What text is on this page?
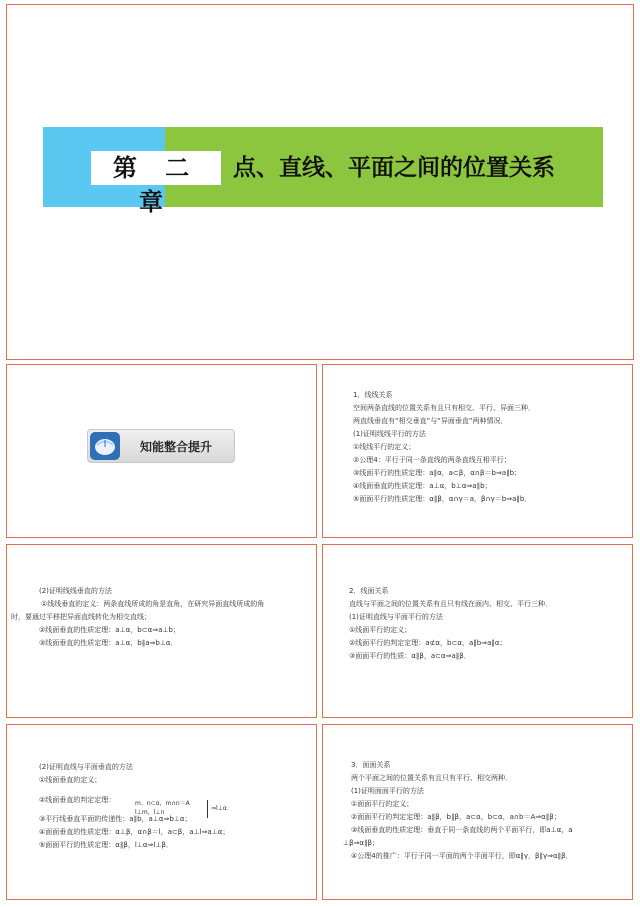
第 二 章
点、直线、平面之间的位置关系
知能整合提升
1．线线关系
空间两条直线的位置关系有且只有相交、平行、异面三种．
两直线垂直有“相交垂直”与“异面垂直”两种情况．
(1)证明线线平行的方法
①线线平行的定义；
②公理4：平行于同一条直线的两条直线互相平行；
③线面平行的性质定理：a∥α，a⊂β，α∩β＝b⇒a∥b；
④线面垂直的性质定理：a⊥α，b⊥α⇒a∥b；
⑤面面平行的性质定理：α∥β，α∩γ＝a，β∩γ＝b⇒a∥b．
(2)证明线线垂直的方法
①线线垂直的定义：两条直线所成的角是直角，在研究异面直线所成的角
时，要通过平移把异面直线转化为相交直线；
②线面垂直的性质定理：a⊥α，b⊂α⇒a⊥b；
③线面垂直的性质定理：a⊥α，b∥a⇒b⊥α．
2．线面关系
直线与平面之间的位置关系有且只有线在面内、相交、平行三种．
(1)证明直线与平面平行的方法
①线面平行的定义；
②线面平行的判定定理：a⊄α，b⊂α，a∥b⇒a∥α；
③面面平行的性质：α∥β，a⊂α⇒a∥β．
(2)证明直线与平面垂直的方法
①线面垂直的定义；
②线面垂直的判定定理：
③平行线垂直平面的传递性：a∥b，a⊥α⇒b⊥α；
④面面垂直的性质定理：α⊥β，α∩β＝l，a⊂β，a⊥l⇒a⊥α；
⑤面面平行的性质定理：α∥β，l⊥α⇒l⊥β．
m、n⊂α，m∩n＝A
l⊥m，l⊥n
⇒l⊥α．
3．面面关系
两个平面之间的位置关系有且只有平行、相交两种．
(1)证明面面平行的方法
①面面平行的定义；
②面面平行的判定定理：a∥β，b∥β，a⊂α，b⊂α，a∩b＝A⇒α∥β；
③线面垂直的性质定理：垂直于同一条直线的两个平面平行，即a⊥α，a
⊥β⇒α∥β；
④公理4的推广：平行于同一平面的两个平面平行，即α∥γ，β∥γ⇒α∥β．
